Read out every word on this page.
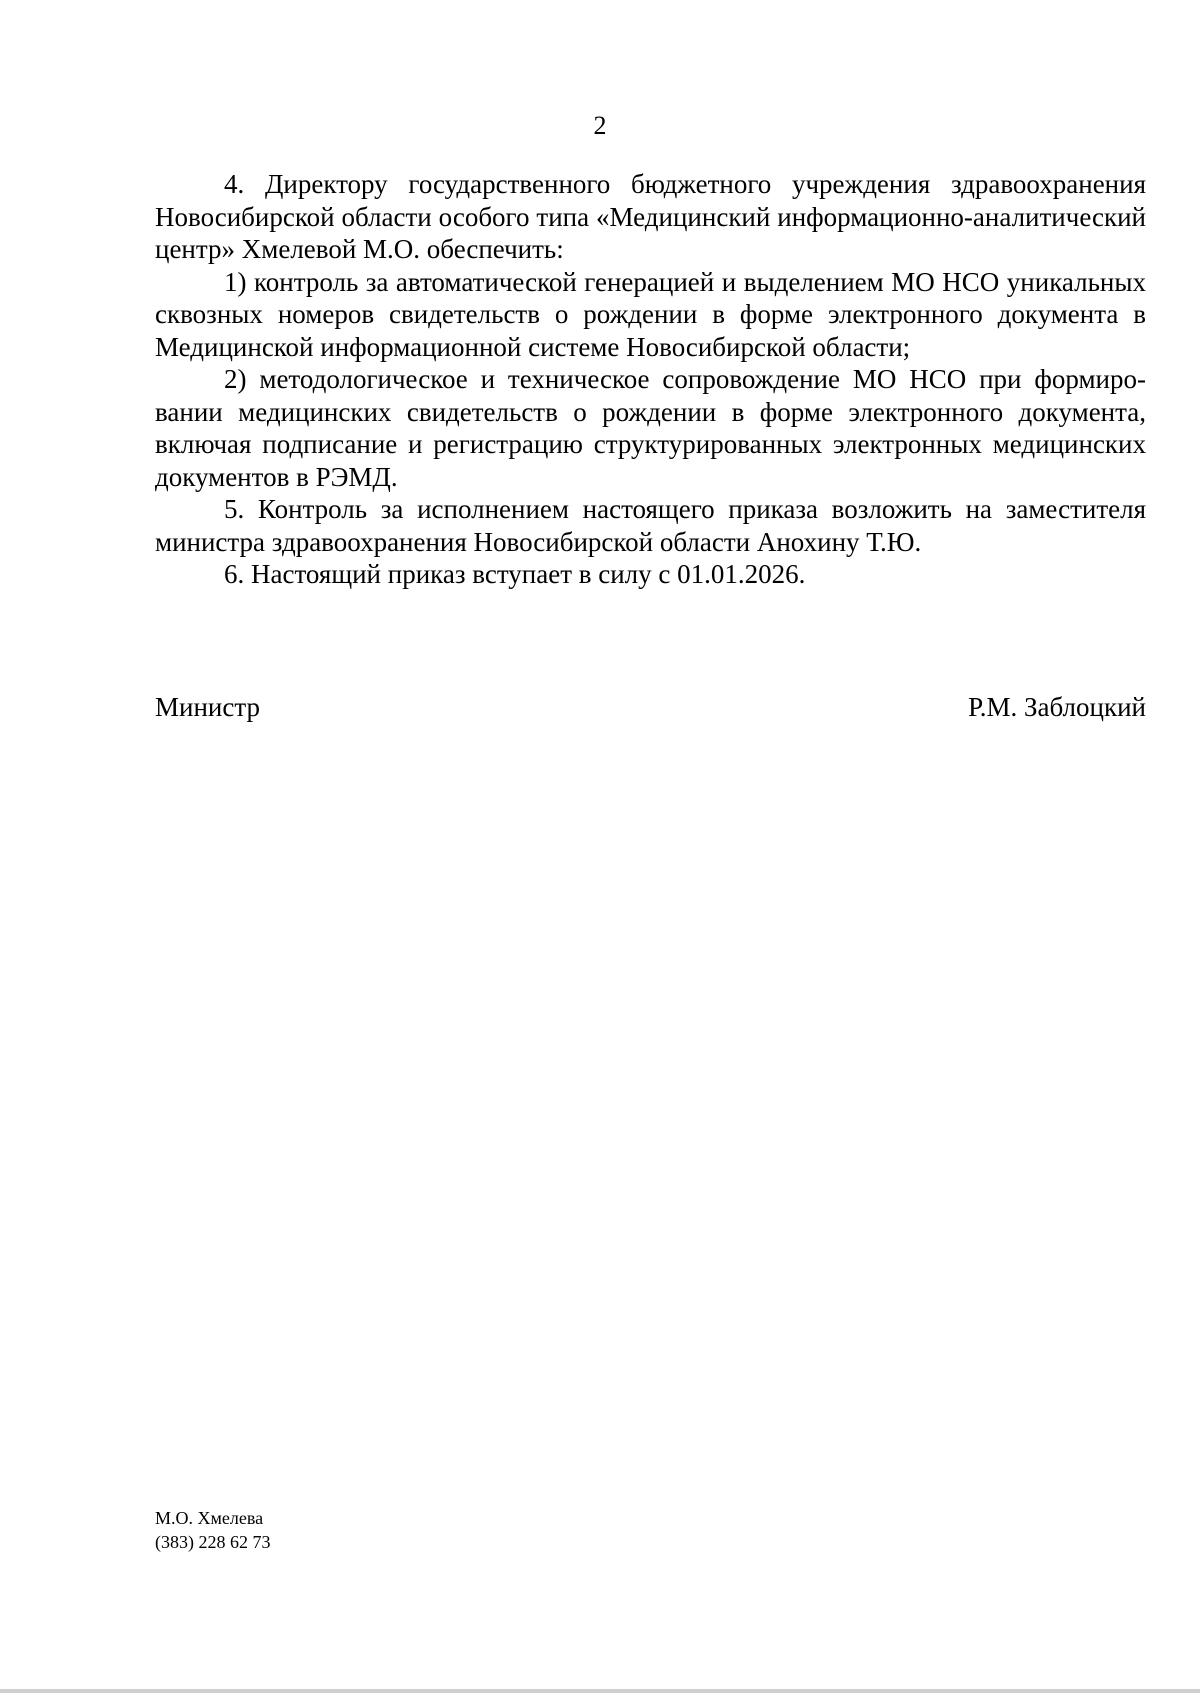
2

4. Директору государственного бюджетного учреждения здравоохранения Новосибирской области особого типа «Медицинский информационно-аналитический центр» Хмелевой М.О. обеспечить:

1) контроль за автоматической генерацией и выделением МО НСО уникальных сквозных номеров свидетельств о рождении в форме электронного документа в Медицинской информационной системе Новосибирской области;

2) методологическое и техническое сопровождение МО НСО при формировании медицинских свидетельств о рождении в форме электронного документа, включая подписание и регистрацию структурированных электронных медицинских документов в РЭМД.

5. Контроль за исполнением настоящего приказа возложить на заместителя министра здравоохранения Новосибирской области Анохину Т.Ю.

6. Настоящий приказ вступает в силу с 01.01.2026.

Министр	Р.М. Заблоцкий
М.О. Хмелева
(383) 228 62 73
